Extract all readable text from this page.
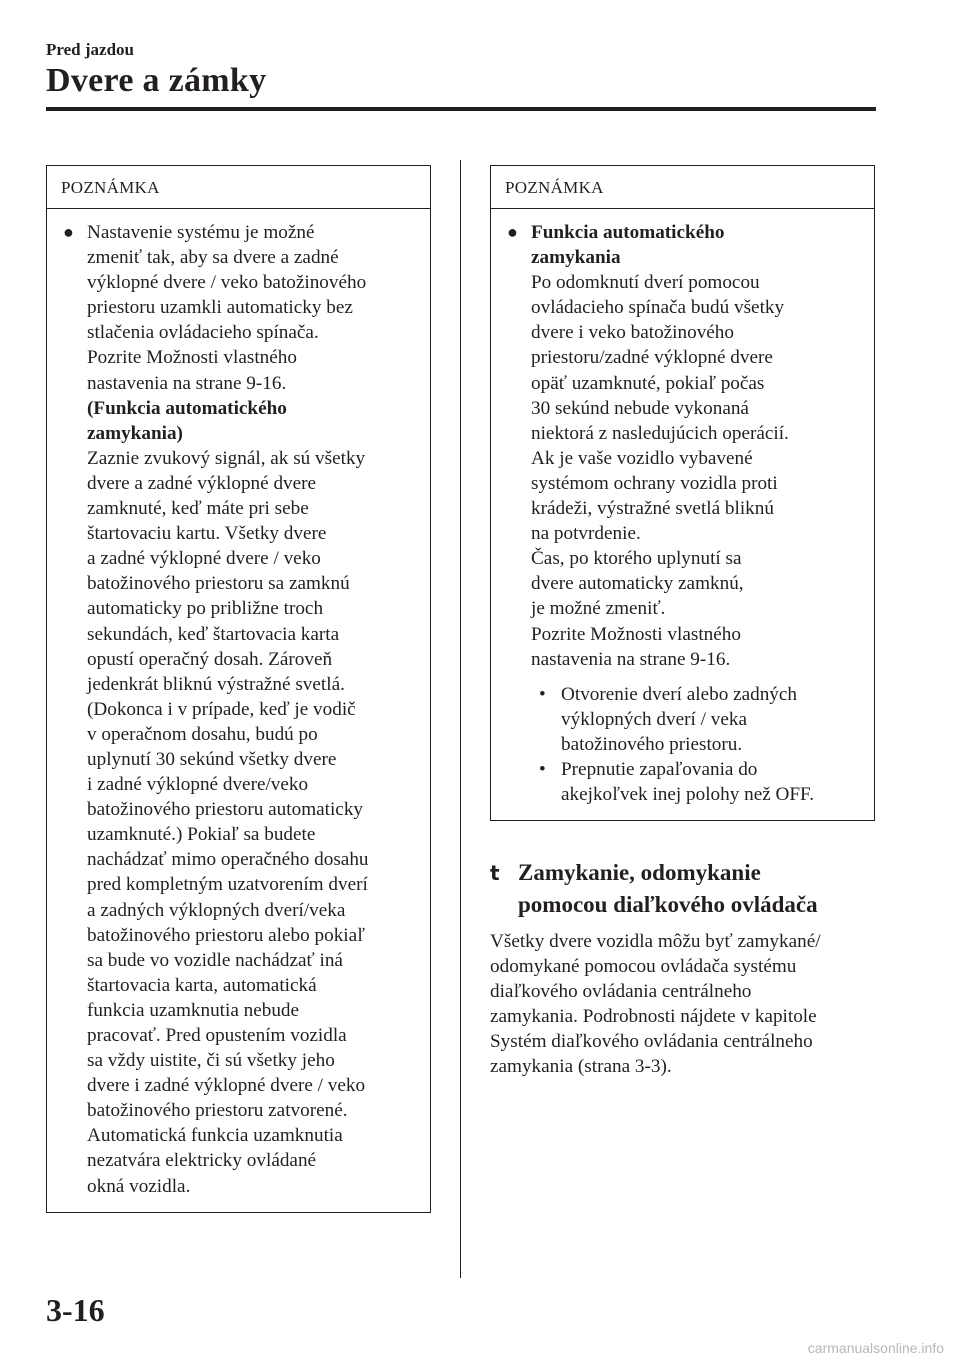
Pred jazdou
Dvere a zámky
POZNÁMKA
● Nastavenie systému je možné
zmeniť tak, aby sa dvere a zadné
výklopné dvere / veko batožinového
priestoru uzamkli automaticky bez
stlačenia ovládacieho spínača.
Pozrite Možnosti vlastného
nastavenia na strane 9-16.
(Funkcia automatického
zamykania)
Zaznie zvukový signál, ak sú všetky
dvere a zadné výklopné dvere
zamknuté, keď máte pri sebe
štartovaciu kartu. Všetky dvere
a zadné výklopné dvere / veko
batožinového priestoru sa zamknú
automaticky po približne troch
sekundách, keď štartovacia karta
opustí operačný dosah. Zároveň
jedenkrát bliknú výstražné svetlá.
(Dokonca i v prípade, keď je vodič
v operačnom dosahu, budú po
uplynutí 30 sekúnd všetky dvere
i zadné výklopné dvere/veko
batožinového priestoru automaticky
uzamknuté.) Pokiaľ sa budete
nachádzať mimo operačného dosahu
pred kompletným uzatvorením dverí
a zadných výklopných dverí/veka
batožinového priestoru alebo pokiaľ
sa bude vo vozidle nachádzať iná
štartovacia karta, automatická
funkcia uzamknutia nebude
pracovať. Pred opustením vozidla
sa vždy uistite, či sú všetky jeho
dvere i zadné výklopné dvere / veko
batožinového priestoru zatvorené.
Automatická funkcia uzamknutia
nezatvára elektricky ovládané
okná vozidla.
POZNÁMKA
● Funkcia automatického
zamykania
Po odomknutí dverí pomocou
ovládacieho spínača budú všetky
dvere i veko batožinového
priestoru/zadné výklopné dvere
opäť uzamknuté, pokiaľ počas
30 sekúnd nebude vykonaná
niektorá z nasledujúcich operácií.
Ak je vaše vozidlo vybavené
systémom ochrany vozidla proti
krádeži, výstražné svetlá bliknú
na potvrdenie.
Čas, po ktorého uplynutí sa
dvere automaticky zamknú,
je možné zmeniť.
Pozrite Možnosti vlastného
nastavenia na strane 9-16.
• Otvorenie dverí alebo zadných
výklopných dverí / veka
batožinového priestoru.
• Prepnutie zapaľovania do
akejkoľvek inej polohy než OFF.
t Zamykanie, odomykanie
pomocou diaľkového ovládača
Všetky dvere vozidla môžu byť zamykané/
odomykané pomocou ovládača systému
diaľkového ovládania centrálneho
zamykania. Podrobnosti nájdete v kapitole
Systém diaľkového ovládania centrálneho
zamykania (strana 3-3).
3-16
carmanualsonline.info
